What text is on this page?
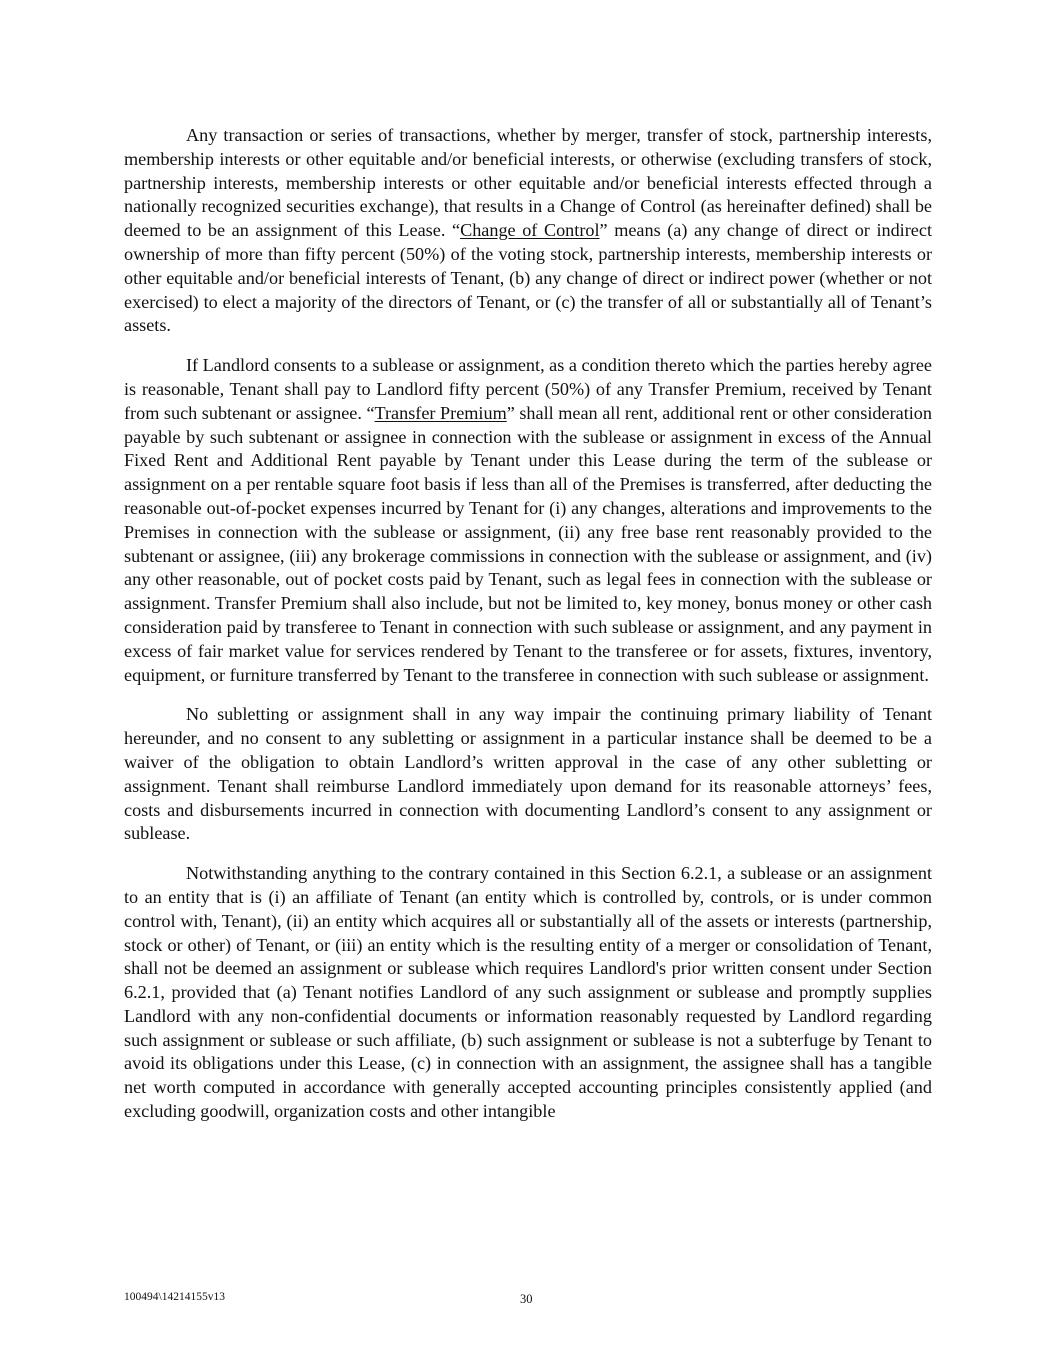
Any transaction or series of transactions, whether by merger, transfer of stock, partnership interests, membership interests or other equitable and/or beneficial interests, or otherwise (excluding transfers of stock, partnership interests, membership interests or other equitable and/or beneficial interests effected through a nationally recognized securities exchange), that results in a Change of Control (as hereinafter defined) shall be deemed to be an assignment of this Lease. “Change of Control” means (a) any change of direct or indirect ownership of more than fifty percent (50%) of the voting stock, partnership interests, membership interests or other equitable and/or beneficial interests of Tenant, (b) any change of direct or indirect power (whether or not exercised) to elect a majority of the directors of Tenant, or (c) the transfer of all or substantially all of Tenant’s assets.

If Landlord consents to a sublease or assignment, as a condition thereto which the parties hereby agree is reasonable, Tenant shall pay to Landlord fifty percent (50%) of any Transfer Premium, received by Tenant from such subtenant or assignee. “Transfer Premium” shall mean all rent, additional rent or other consideration payable by such subtenant or assignee in connection with the sublease or assignment in excess of the Annual Fixed Rent and Additional Rent payable by Tenant under this Lease during the term of the sublease or assignment on a per rentable square foot basis if less than all of the Premises is transferred, after deducting the reasonable out-of-pocket expenses incurred by Tenant for (i) any changes, alterations and improvements to the Premises in connection with the sublease or assignment, (ii) any free base rent reasonably provided to the subtenant or assignee, (iii) any brokerage commissions in connection with the sublease or assignment, and (iv) any other reasonable, out of pocket costs paid by Tenant, such as legal fees in connection with the sublease or assignment. Transfer Premium shall also include, but not be limited to, key money, bonus money or other cash consideration paid by transferee to Tenant in connection with such sublease or assignment, and any payment in excess of fair market value for services rendered by Tenant to the transferee or for assets, fixtures, inventory, equipment, or furniture transferred by Tenant to the transferee in connection with such sublease or assignment.

No subletting or assignment shall in any way impair the continuing primary liability of Tenant hereunder, and no consent to any subletting or assignment in a particular instance shall be deemed to be a waiver of the obligation to obtain Landlord’s written approval in the case of any other subletting or assignment. Tenant shall reimburse Landlord immediately upon demand for its reasonable attorneys’ fees, costs and disbursements incurred in connection with documenting Landlord’s consent to any assignment or sublease.

Notwithstanding anything to the contrary contained in this Section 6.2.1, a sublease or an assignment to an entity that is (i) an affiliate of Tenant (an entity which is controlled by, controls, or is under common control with, Tenant), (ii) an entity which acquires all or substantially all of the assets or interests (partnership, stock or other) of Tenant, or (iii) an entity which is the resulting entity of a merger or consolidation of Tenant, shall not be deemed an assignment or sublease which requires Landlord's prior written consent under Section 6.2.1, provided that (a) Tenant notifies Landlord of any such assignment or sublease and promptly supplies Landlord with any non-confidential documents or information reasonably requested by Landlord regarding such assignment or sublease or such affiliate, (b) such assignment or sublease is not a subterfuge by Tenant to avoid its obligations under this Lease, (c) in connection with an assignment, the assignee shall has a tangible net worth computed in accordance with generally accepted accounting principles consistently applied (and excluding goodwill, organization costs and other intangible

100494\14214155v13	30
